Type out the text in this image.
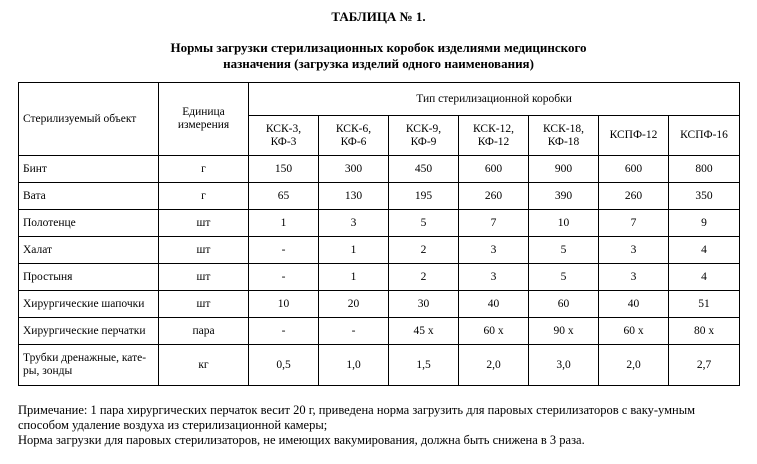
ТАБЛИЦА № 1.
Нормы загрузки стерилизационных коробок изделиями медицинского
назначения (загрузка изделий одного наименования)
Стерилизуемый объект	Единица измерения	Тип стерилизационной коробки						
		КСК-3, КФ-3	КСК-6, КФ-6	КСК-9, КФ-9	КСК-12, КФ-12	КСК-18, КФ-18	КСПФ-12	КСПФ-16
Бинт	г	150	300	450	600	900	600	800
Вата	г	65	130	195	260	390	260	350
Полотенце	шт	1	3	5	7	10	7	9
Халат	шт	-	1	2	3	5	3	4
Простыня	шт	-	1	2	3	5	3	4
Хирургические шапочки	шт	10	20	30	40	60	40	51
Хирургические перчатки	пара	-	-	45 x	60 x	90 x	60 x	80 x
Трубки дренажные, кате-ры, зонды	кг	0,5	1,0	1,5	2,0	3,0	2,0	2,7
Примечание: 1 пара хирургических перчаток весит 20 г, приведена норма загрузить для паровых стерилизаторов с ваку-умным способом удаление воздуха из стерилизационной камеры;
Норма загрузки для паровых стерилизаторов, не имеющих вакумирования, должна быть снижена в 3 раза.
